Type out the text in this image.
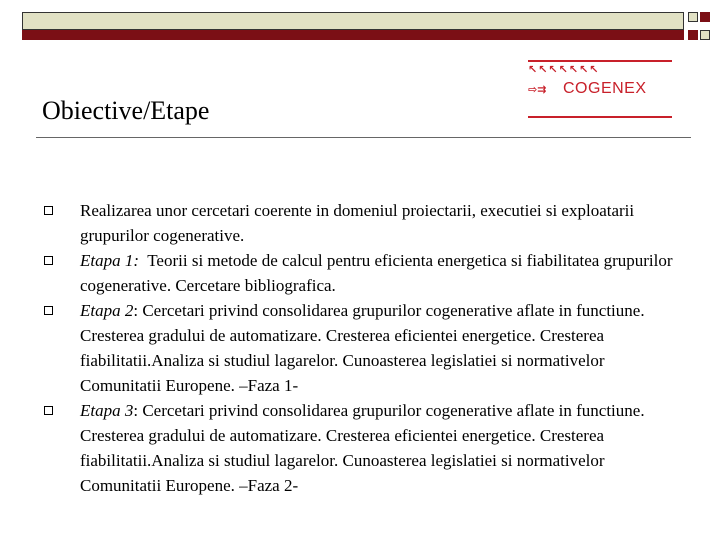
↖↖↖↖↖↖↖
⇨⇉ COGENEX
Obiective/Etape
Realizarea unor cercetari coerente in domeniul proiectarii, executiei si exploatarii grupurilor cogenerative.
Etapa 1:  Teorii si metode de calcul pentru eficienta energetica si fiabilitatea grupurilor cogenerative. Cercetare bibliografica.
Etapa 2: Cercetari privind consolidarea grupurilor cogenerative aflate in functiune. Cresterea gradului de automatizare. Cresterea eficientei energetice. Cresterea fiabilitatii.Analiza si studiul lagarelor. Cunoasterea legislatiei si normativelor Comunitatii Europene. –Faza 1-
Etapa 3: Cercetari privind consolidarea grupurilor cogenerative aflate in functiune. Cresterea gradului de automatizare. Cresterea eficientei energetice. Cresterea fiabilitatii.Analiza si studiul lagarelor. Cunoasterea legislatiei si normativelor Comunitatii Europene. –Faza 2-
